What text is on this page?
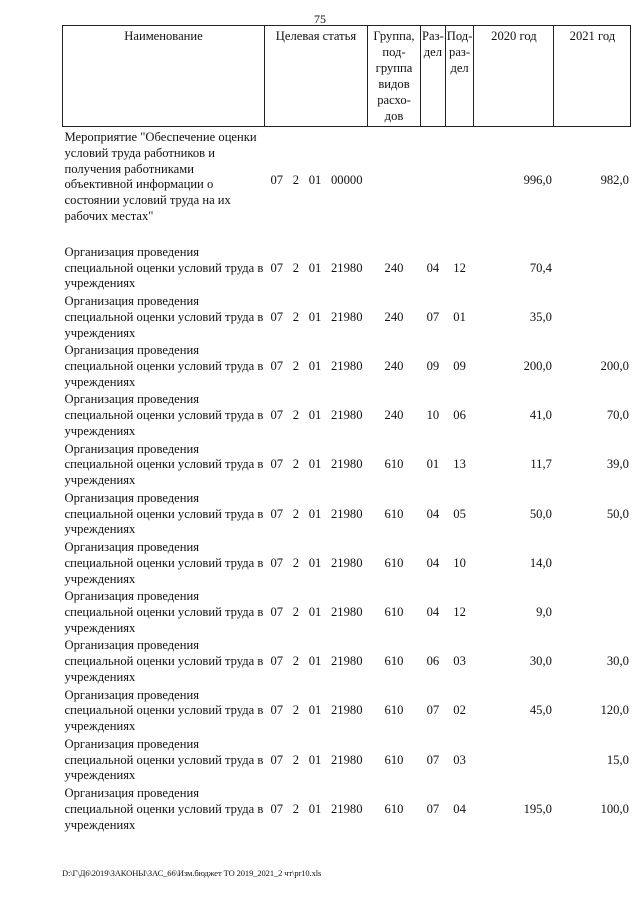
75
Наименование	Целевая статья	Группа, под-группа видов расхо-дов	Раз-дел	Под-раз-дел	2020 год	2021 год
Мероприятие "Обеспечение оценки условий труда работников и получения работниками объективной информации о состоянии условий труда на их рабочих местах"	07 2 01 00000				996,0	982,0

Организация проведения специальной оценки условий труда в учреждениях	07 2 01 21980	240	04	12	70,4	
Организация проведения специальной оценки условий труда в учреждениях	07 2 01 21980	240	07	01	35,0	
Организация проведения специальной оценки условий труда в учреждениях	07 2 01 21980	240	09	09	200,0	200,0
Организация проведения специальной оценки условий труда в учреждениях	07 2 01 21980	240	10	06	41,0	70,0
Организация проведения специальной оценки условий труда в учреждениях	07 2 01 21980	610	01	13	11,7	39,0
Организация проведения специальной оценки условий труда в учреждениях	07 2 01 21980	610	04	05	50,0	50,0
Организация проведения специальной оценки условий труда в учреждениях	07 2 01 21980	610	04	10	14,0	
Организация проведения специальной оценки условий труда в учреждениях	07 2 01 21980	610	04	12	9,0	
Организация проведения специальной оценки условий труда в учреждениях	07 2 01 21980	610	06	03	30,0	30,0
Организация проведения специальной оценки условий труда в учреждениях	07 2 01 21980	610	07	02	45,0	120,0
Организация проведения специальной оценки условий труда в учреждениях	07 2 01 21980	610	07	03		15,0
Организация проведения специальной оценки условий труда в учреждениях	07 2 01 21980	610	07	04	195,0	100,0
D:\Г\Д6\2019\ЗАКОНЫ\ЗАС_66\Изм.бюджет ТО 2019_2021_2 чт\pr10.xls
